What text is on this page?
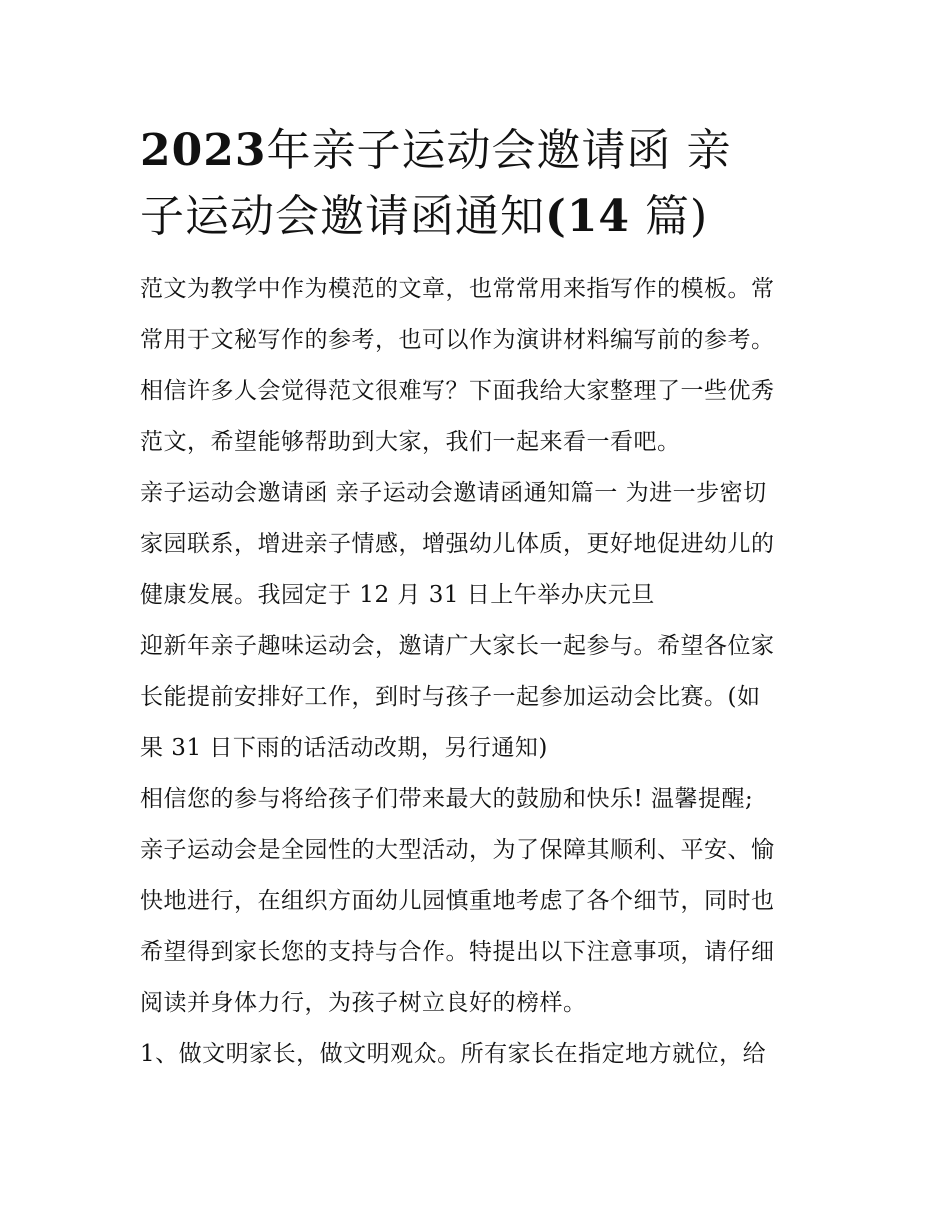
2023年亲子运动会邀请函 亲
子运动会邀请函通知(14 篇)

范文为教学中作为模范的文章，也常常用来指写作的模板。常
常用于文秘写作的参考，也可以作为演讲材料编写前的参考。
相信许多人会觉得范文很难写？下面我给大家整理了一些优秀
范文，希望能够帮助到大家，我们一起来看一看吧。

亲子运动会邀请函 亲子运动会邀请函通知篇一 为进一步密切
家园联系，增进亲子情感，增强幼儿体质，更好地促进幼儿的
健康发展。我园定于 12 月 31 日上午举办庆元旦

迎新年亲子趣味运动会，邀请广大家长一起参与。希望各位家
长能提前安排好工作，到时与孩子一起参加运动会比赛。(如
果 31 日下雨的话活动改期，另行通知)

相信您的参与将给孩子们带来最大的鼓励和快乐! 温馨提醒;

亲子运动会是全园性的大型活动，为了保障其顺利、平安、愉
快地进行，在组织方面幼儿园慎重地考虑了各个细节，同时也
希望得到家长您的支持与合作。特提出以下注意事项，请仔细
阅读并身体力行，为孩子树立良好的榜样。

1、做文明家长，做文明观众。所有家长在指定地方就位，给
